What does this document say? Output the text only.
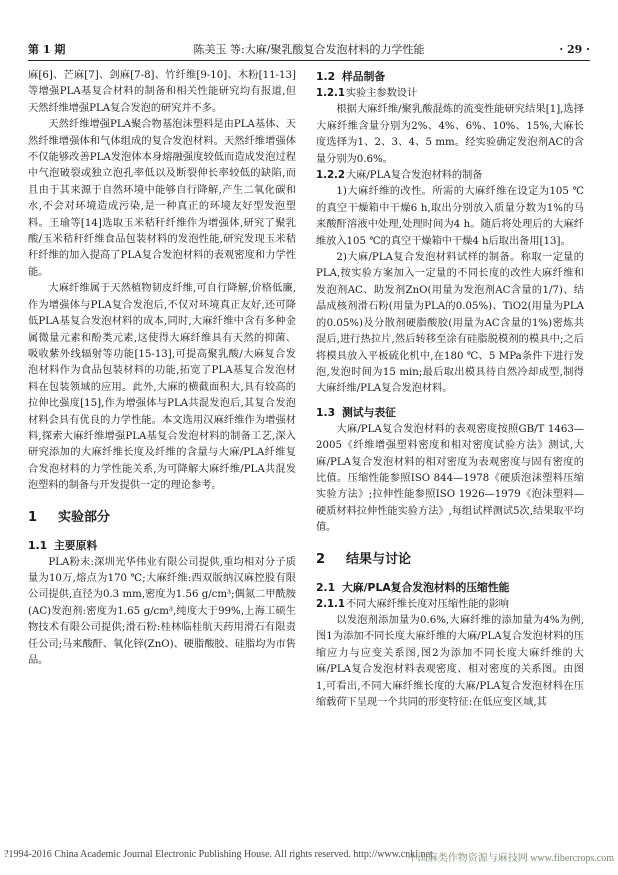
第 1 期	陈美玉 等:大麻/聚乳酸复合发泡材料的力学性能	· 29 ·

麻[6]、芒麻[7]、剑麻[7-8]、竹纤维[9-10]、木粉[11-13]等增强PLA基复合材料的制备和相关性能研究均有报道,但天然纤维增强PLA复合发泡的研究并不多。

天然纤维增强PLA聚合物基泡沫塑料是由PLA基体、天然纤维增强体和气体组成的复合发泡材料。天然纤维增强体不仅能够改善PLA发泡体本身熔融强度较低而造成发泡过程中气泡破裂或独立泡孔率低以及断裂伸长率较低的缺陷,而且由于其来源于自然环境中能够自行降解,产生二氧化碳和水,不会对环境造成污染,是一种真正的环境友好型发泡塑料。王瑜等[14]选取玉米秸秆纤维作为增强体,研究了聚乳酸/玉米秸秆纤维食品包装材料的发泡性能,研究发现玉米秸秆纤维的加入提高了PLA复合发泡材料的表观密度和力学性能。

大麻纤维属于天然植物韧皮纤维,可自行降解,价格低廉,作为增强体与PLA复合发泡后,不仅对环境真正友好,还可降低PLA基复合发泡材料的成本,同时,大麻纤维中含有多种金属微量元素和酚类元素,这使得大麻纤维具有天然的抑菌、吸收紫外线辐射等功能[15-13],可提高聚乳酸/大麻复合发泡材料作为食品包装材料的功能,拓宽了PLA基复合发泡材料在包装领域的应用。此外,大麻的横截面积大,具有较高的拉伸比强度[15],作为增强体与PLA共混发泡后,其复合发泡材料会具有优良的力学性能。本文选用汉麻纤维作为增强材料,探索大麻纤维增强PLA基复合发泡材料的制备工艺,深入研究添加的大麻纤维长度及纤维的含量与大麻/PLA纤维复合发泡材料的力学性能关系,为可降解大麻纤维/PLA共混发泡塑料的制备与开发提供一定的理论参考。

1 实验部分
1.1 主要原料

PLA粉末:深圳光华伟业有限公司提供,重均相对分子质量为10万,熔点为170 ℃;大麻纤维:西双版纳汉麻控股有限公司提供,直径为0.3 mm,密度为1.56 g/cm³;偶氮二甲酰胺(AC)发泡剂:密度为1.65 g/cm³,纯度大于99%,上海工硕生物技术有限公司提供;滑石粉:桂林临桂航天药用滑石有限责任公司;马来酸酐、氧化锌(ZnO)、硬脂酸胶、硅脂均为市售品。

1.2 样品制备
1.2.1实验主参数设计

根据大麻纤维/聚乳酸混炼的流变性能研究结果[1],选择大麻纤维含量分别为2%、4%、6%、10%、15%,大麻长度选择为1、2、3、4、5 mm。经实验确定发泡剂AC的含量分别为0.6%。

1.2.2大麻/PLA复合发泡材料的制备

1)大麻纤维的改性。所需的大麻纤维在设定为105 ℃的真空干燥箱中干燥6 h,取出分别放入质量分数为1%的马来酸酐溶液中处理,处理时间为4 h。随后将处理后的大麻纤维放入105 ℃的真空干燥箱中干燥4 h后取出备用[13]。

2)大麻/PLA复合发泡材料试样的制备。称取一定量的PLA,按实验方案加入一定量的不同长度的改性大麻纤维和发泡剂AC、助发剂ZnO(用量为发泡剂AC含量的1/7)、结晶成核剂滑石粉(用量为PLA的0.05%)、TiO2(用量为PLA的0.05%)及分散剂硬脂酸胶(用量为AC含量的1%)密炼共混后,进行热拉片,然后转移至涂有硅脂脱模剂的模具中;之后将模具放入平板硫化机中,在180 ℃、5 MPa条件下进行发泡,发泡时间为15 min;最后取出模具待自然冷却成型,制得大麻纤维/PLA复合发泡材料。

1.3 测试与表征

大麻/PLA复合发泡材料的表观密度按照GB/T 1463—2005《纤维增强塑料密度和相对密度试验方法》测试,大麻/PLA复合发泡材料的相对密度为表观密度与固有密度的比值。压缩性能参照ISO 844—1978《硬质泡沫塑料压缩实验方法》;拉伸性能参照ISO 1926—1979《泡沫塑料—硬质材料拉伸性能实验方法》,每组试样测试5次,结果取平均值。

2 结果与讨论
2.1 大麻/PLA复合发泡材料的压缩性能
2.1.1不同大麻纤维长度对压缩性能的影响

以发泡剂添加量为0.6%,大麻纤维的添加量为4%为例,图1为添加不同长度大麻纤维的大麻/PLA复合发泡材料的压缩应力与应变关系图,图2为添加不同长度大麻纤维的大麻/PLA复合发泡材料表观密度、相对密度的关系图。由图1,可看出,不同大麻纤维长度的大麻/PLA复合发泡材料在压缩载荷下呈现一个共同的形变特征:在低应变区域,其

?1994-2016 China Academic Journal Electronic Publishing House. All rights reserved. http://www.cnki.net
中国麻类作物资源与麻技网 www.fibercrops.com
